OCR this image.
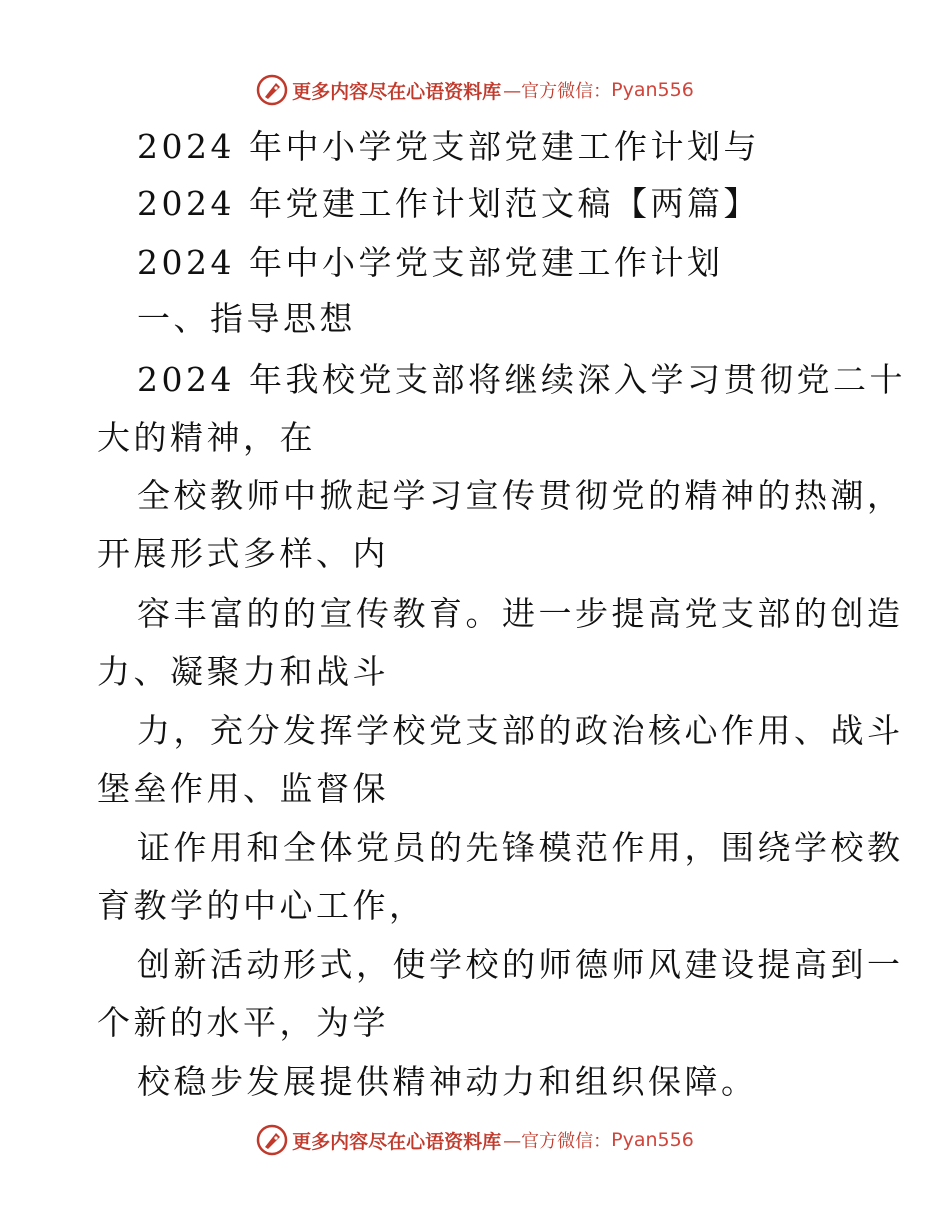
更多内容尽在心语资料库 —官方微信： Pyan556
2024 年中小学党支部党建工作计划与
2024 年党建工作计划范文稿【两篇】
2024 年中小学党支部党建工作计划
一、指导思想
2024 年我校党支部将继续深入学习贯彻党二十
大的精神，在
全校教师中掀起学习宣传贯彻党的精神的热潮，
开展形式多样、内
容丰富的的宣传教育。进一步提高党支部的创造
力、凝聚力和战斗
力，充分发挥学校党支部的政治核心作用、战斗
堡垒作用、监督保
证作用和全体党员的先锋模范作用，围绕学校教
育教学的中心工作，
创新活动形式，使学校的师德师风建设提高到一
个新的水平，为学
校稳步发展提供精神动力和组织保障。
更多内容尽在心语资料库 —官方微信： Pyan556
